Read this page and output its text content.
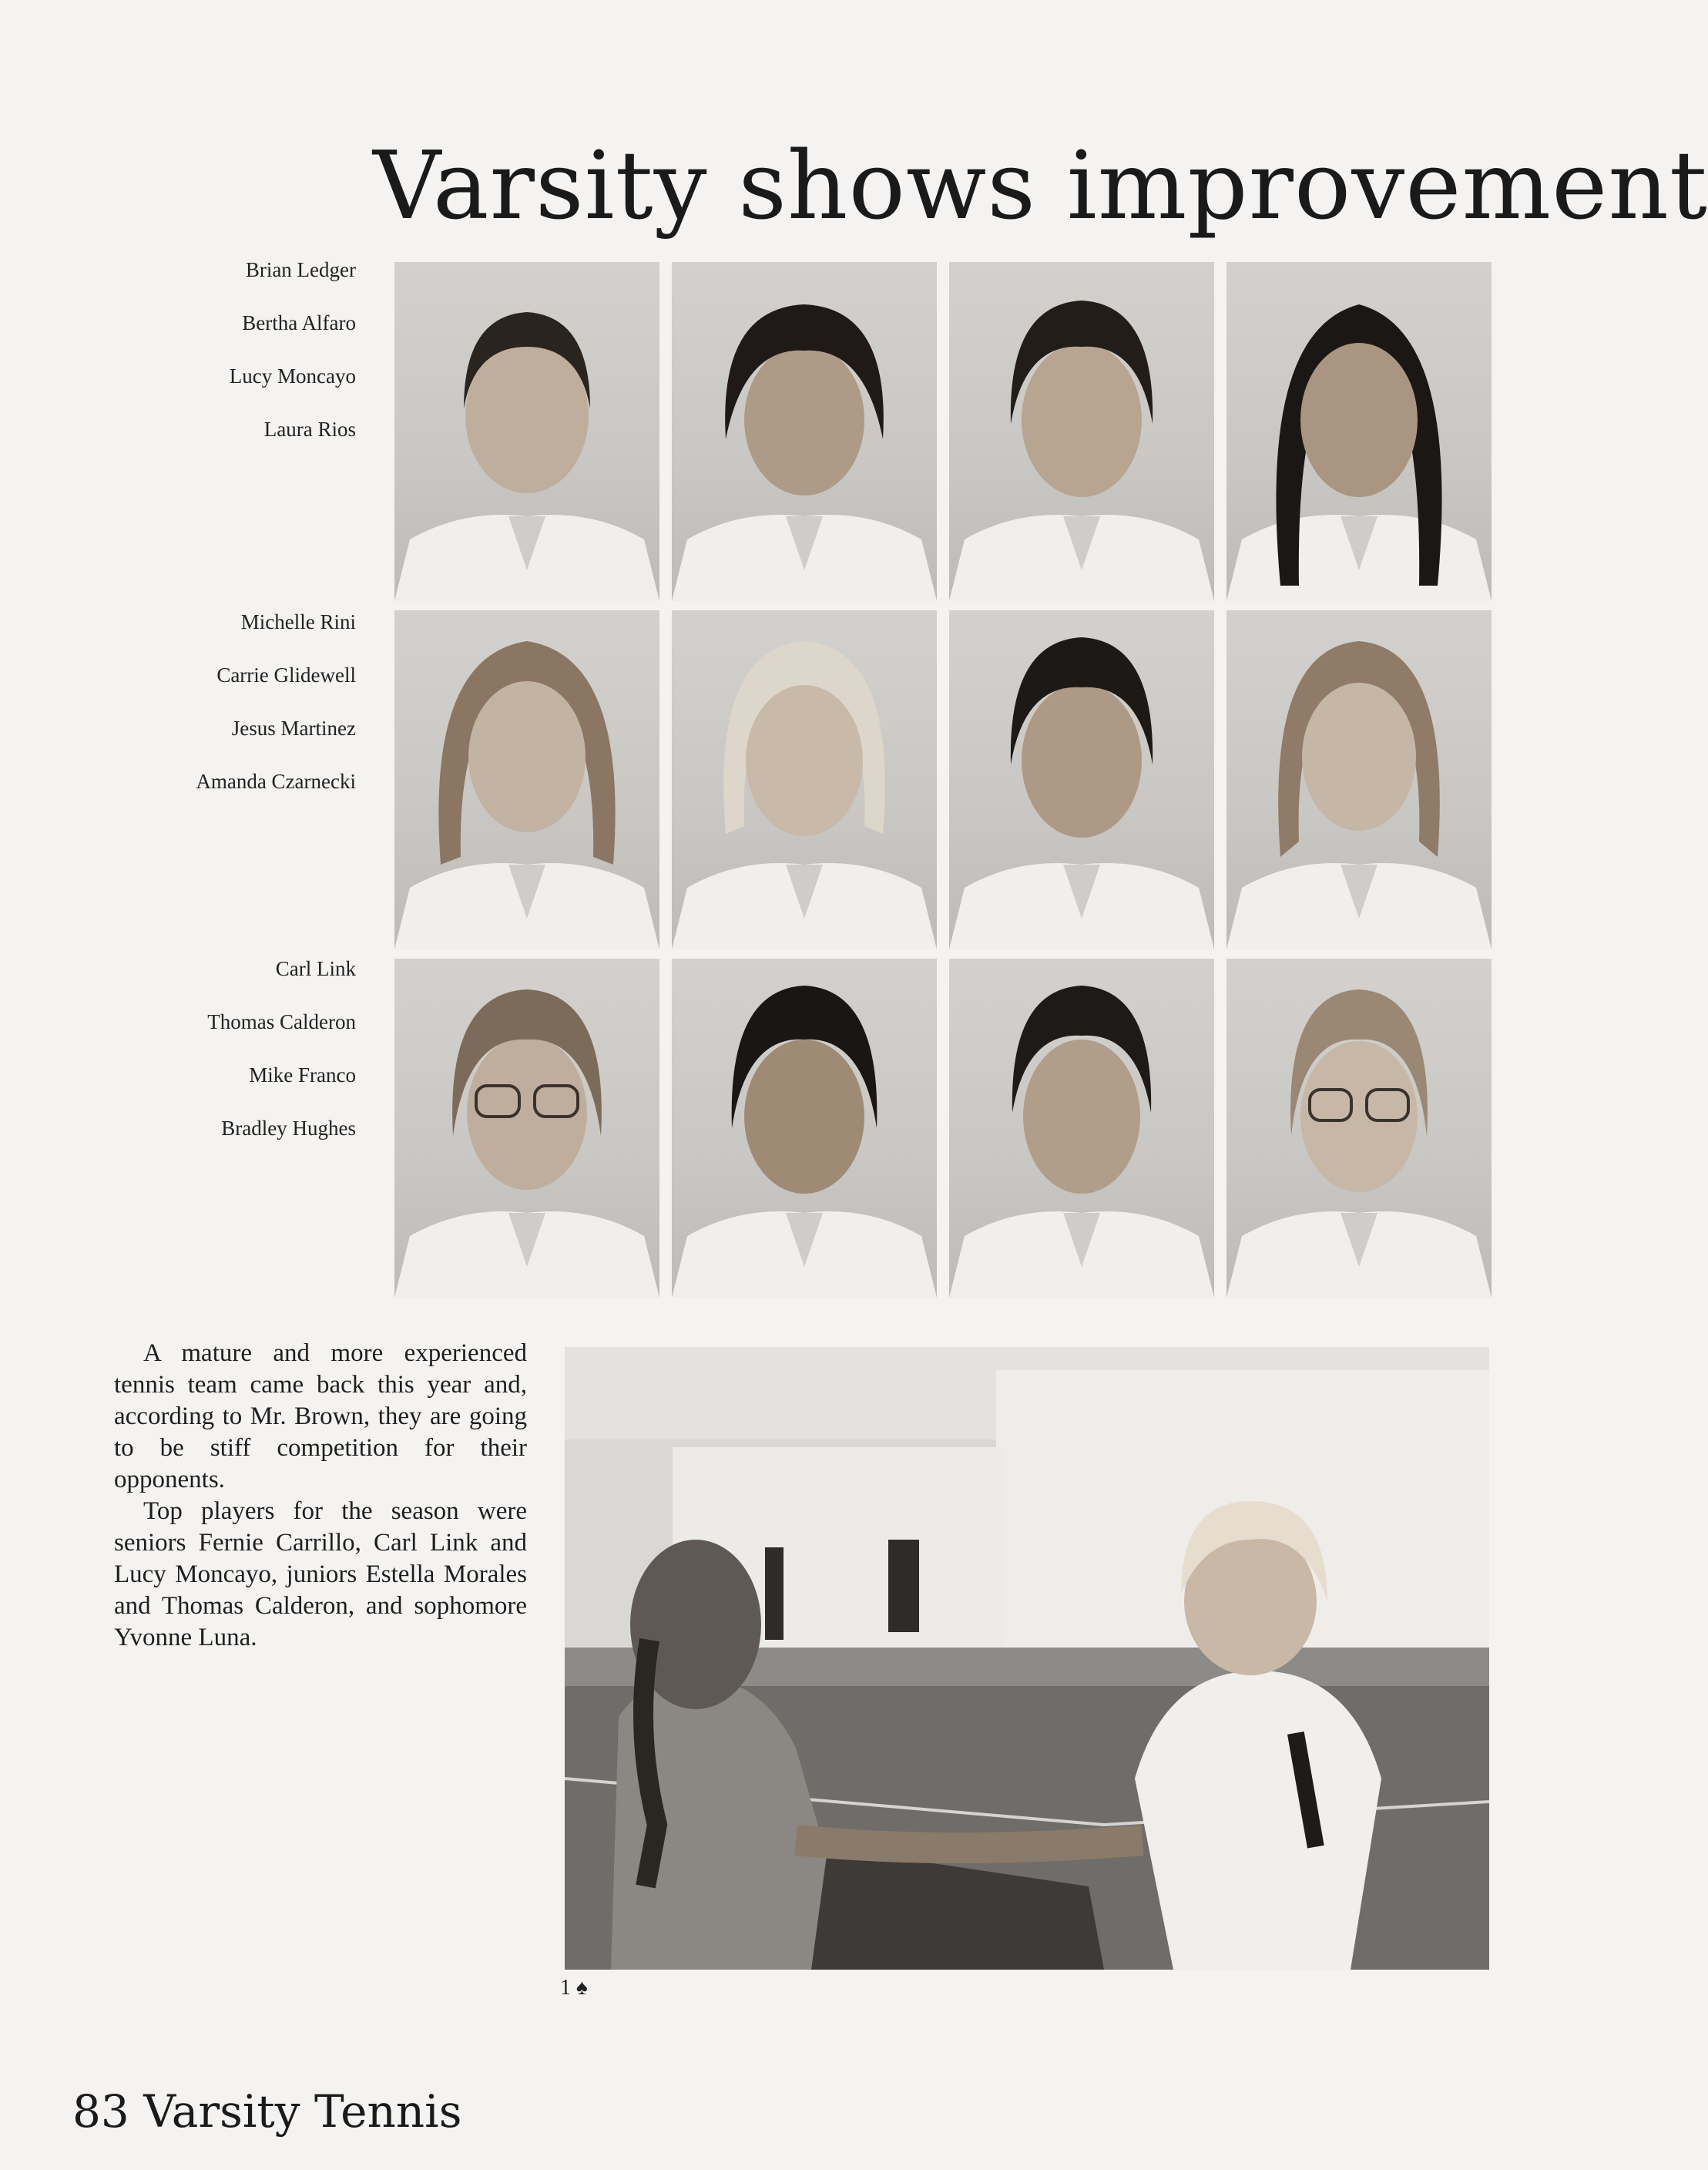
Varsity shows improvement
Brian Ledger
Bertha Alfaro
Lucy Moncayo
Laura Rios
Michelle Rini
Carrie Glidewell
Jesus Martinez
Amanda Czarnecki
Carl Link
Thomas Calderon
Mike Franco
Bradley Hughes

A mature and more experienced tennis team came back this year and, according to Mr. Brown, they are going to be stiff competition for their opponents.

Top players for the season were seniors Fernie Carrillo, Carl Link and Lucy Moncayo, juniors Estella Morales and Thomas Calderon, and sophomore Yvonne Luna.

1 ♠
83 Varsity Tennis
